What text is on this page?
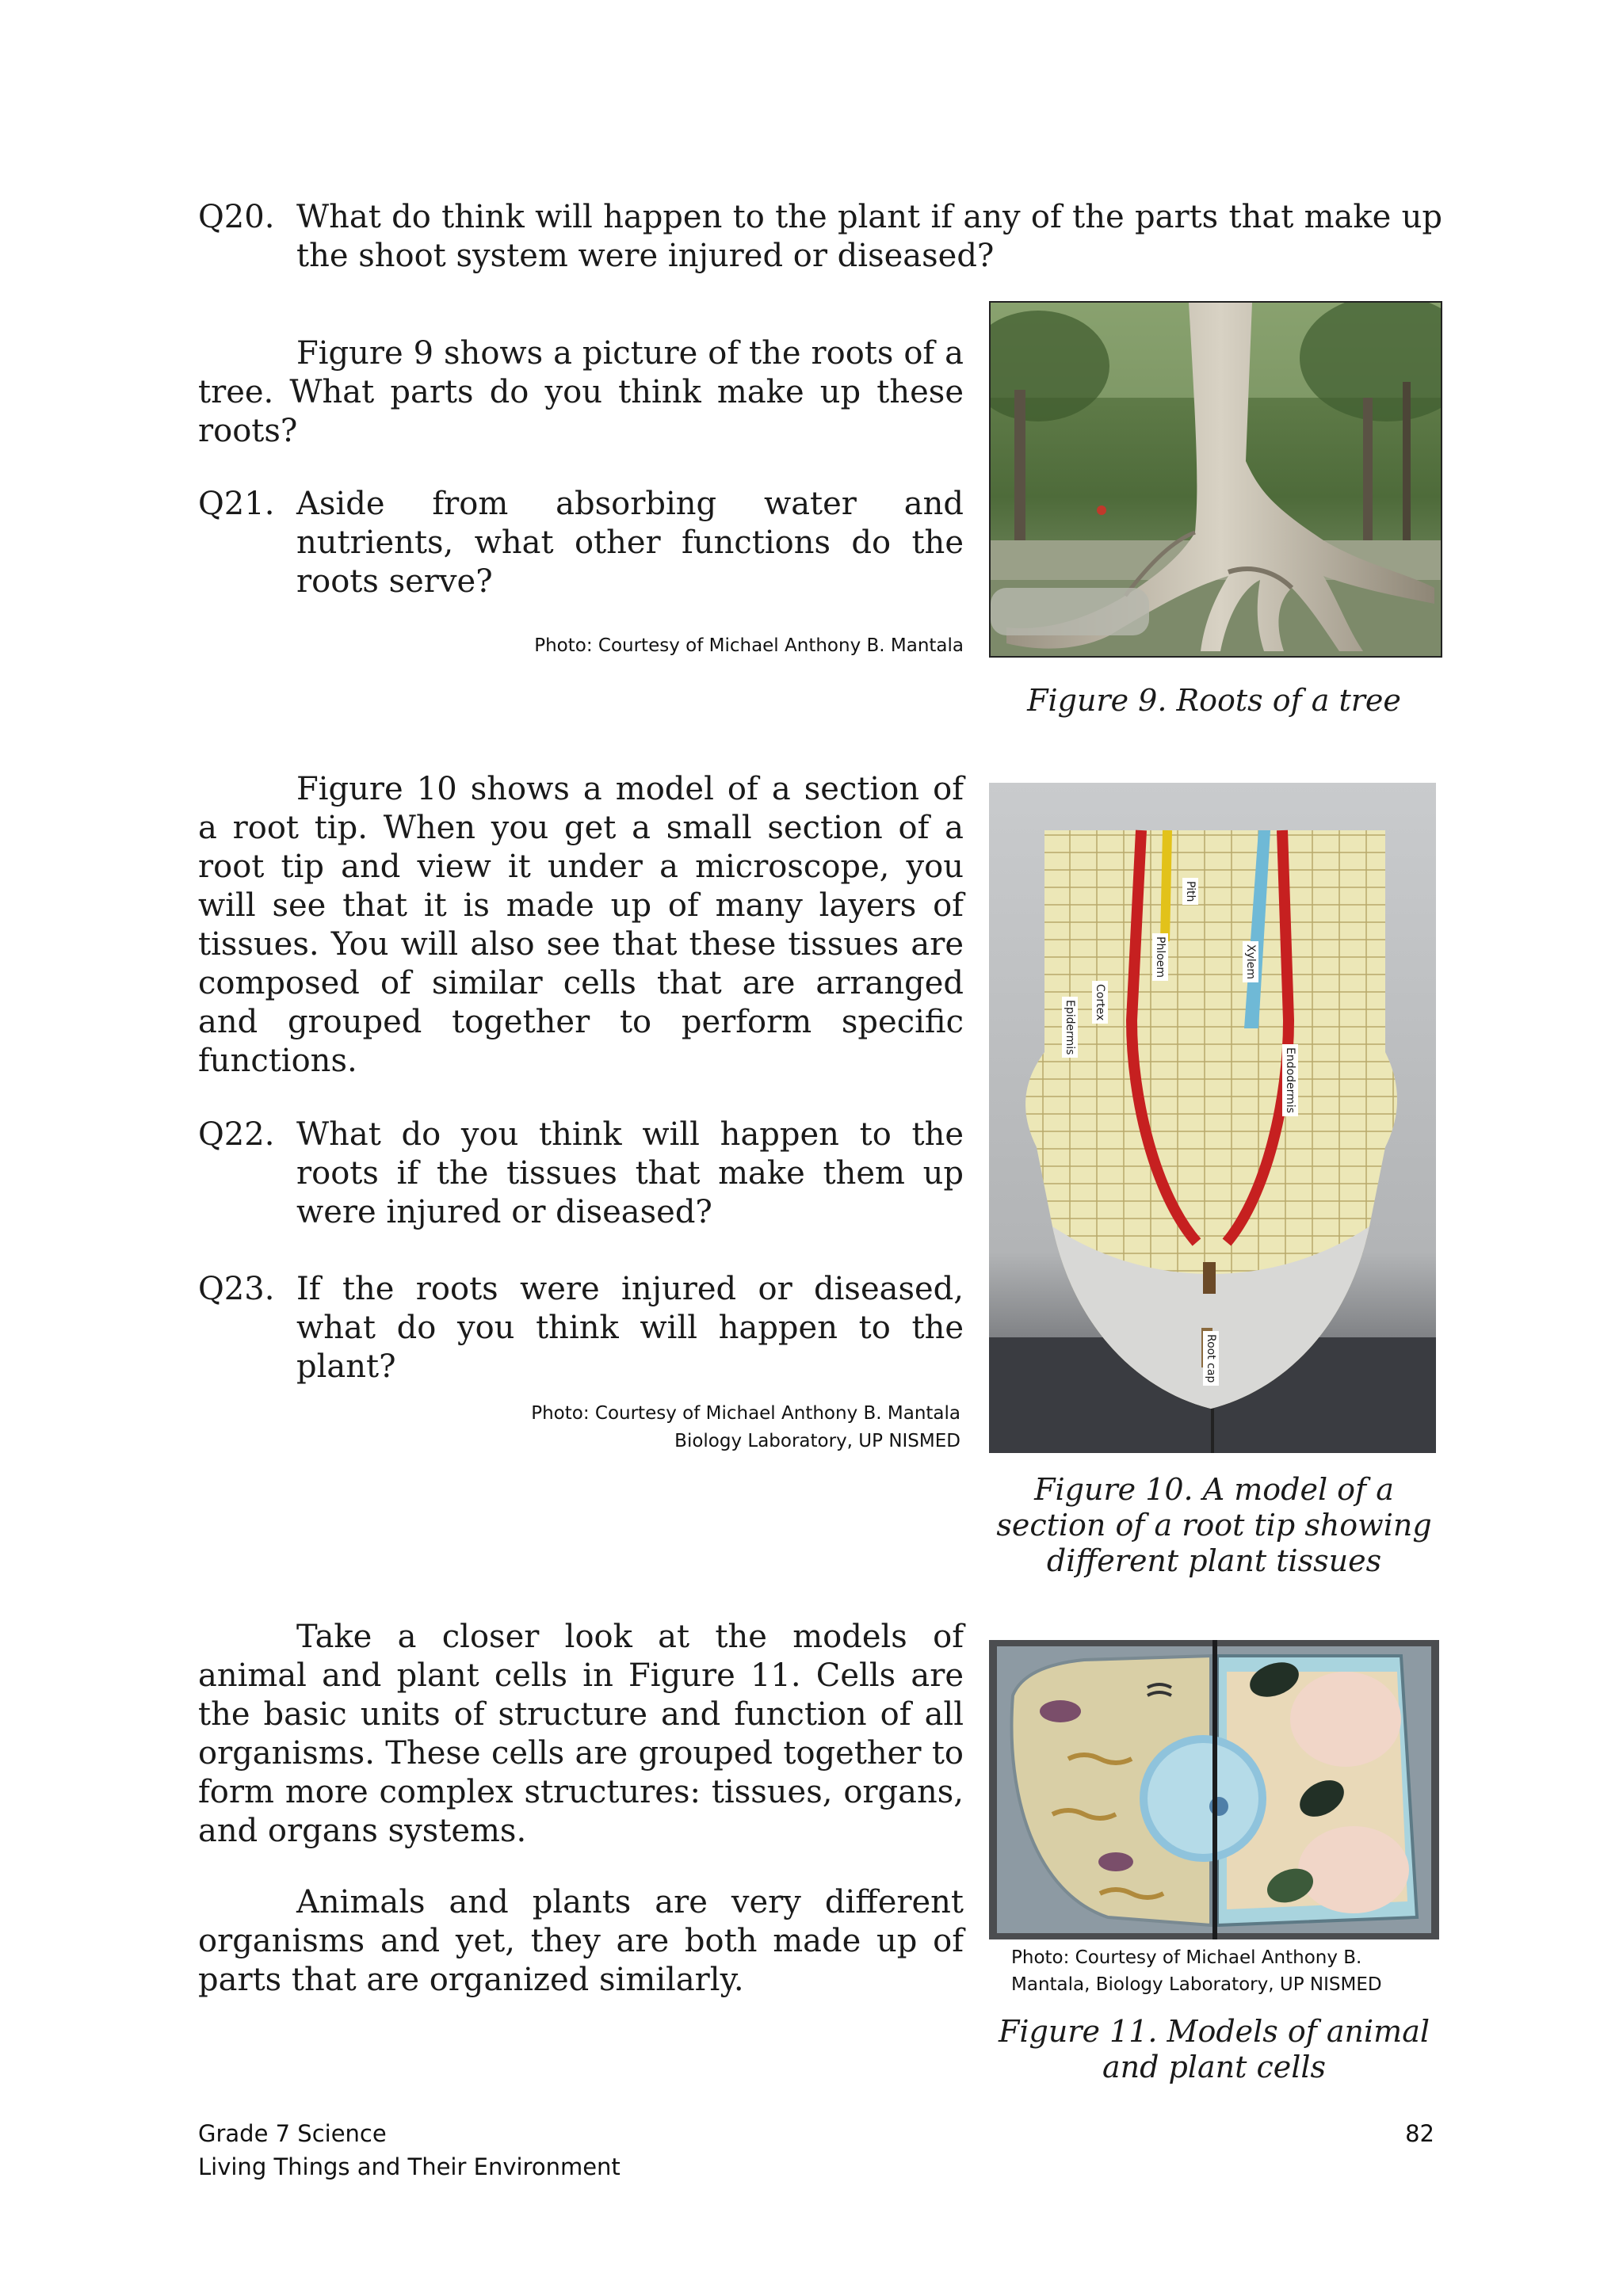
Q20. What do think will happen to the plant if any of the parts that make up the shoot system were injured or diseased?

Figure 9 shows a picture of the roots of a tree. What parts do you think make up these roots?

Q21. Aside from absorbing water and nutrients, what other functions do the roots serve?
Photo: Courtesy of Michael Anthony B. Mantala
Figure 9. Roots of a tree

Figure 10 shows a model of a section of a root tip. When you get a small section of a root tip and view it under a microscope, you will see that it is made up of many layers of tissues. You will also see that these tissues are composed of similar cells that are arranged and grouped together to perform specific functions.

Q22. What do you think will happen to the roots if the tissues that make them up were injured or diseased?
Q23. If the roots were injured or diseased, what do you think will happen to the plant?
Photo: Courtesy of Michael Anthony B. Mantala
Biology Laboratory, UP NISMED
Pith
Phloem	Xylem
Cortex
Epidermis
Endodermis
Root cap
Figure 10. A model of a section of a root tip showing different plant tissues

Take a closer look at the models of animal and plant cells in Figure 11. Cells are the basic units of structure and function of all organisms. These cells are grouped together to form more complex structures: tissues, organs, and organs systems.

Animals and plants are very different organisms and yet, they are both made up of parts that are organized similarly.

Photo: Courtesy of Michael Anthony B.
Mantala, Biology Laboratory, UP NISMED
Figure 11. Models of animal and plant cells
Grade 7 Science
Living Things and Their Environment
82
